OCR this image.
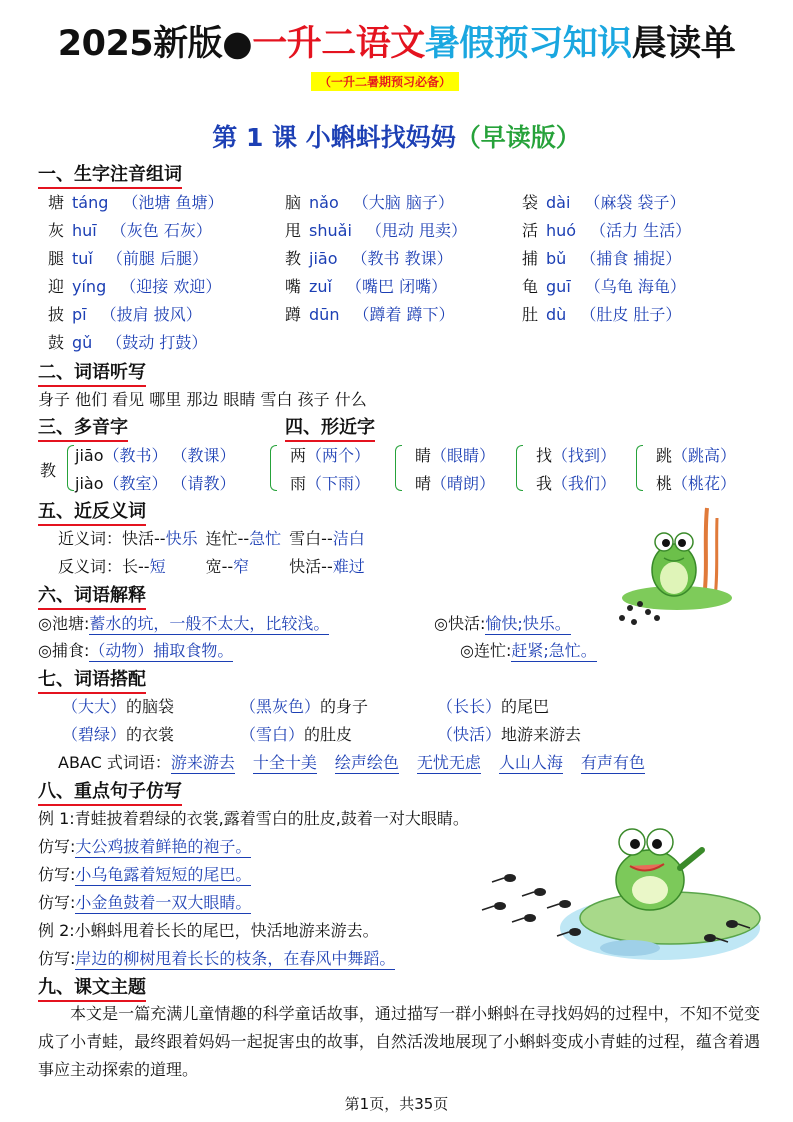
2025新版●一升二语文暑假预习知识晨读单
（一升二暑期预习必备）
第 1 课 小蝌蚪找妈妈（早读版）
一、生字注音组词
塘 táng （池塘 鱼塘）	脑 nǎo （大脑 脑子）	袋 dài （麻袋 袋子）
灰 huī （灰色 石灰）	甩 shuǎi （甩动 甩卖）	活 huó （活力 生活）
腿 tuǐ （前腿 后腿）	教 jiāo （教书 教课）	捕 bǔ （捕食 捕捉）
迎 yíng （迎接 欢迎）	嘴 zuǐ （嘴巴 闭嘴）	龟 guī （乌龟 海龟）
披 pī （披肩 披风）	蹲 dūn （蹲着 蹲下）	肚 dù （肚皮 肚子）
鼓 gǔ （鼓动 打鼓）
二、词语听写
身子 他们 看见 哪里 那边 眼睛 雪白 孩子 什么
三、多音字	四、形近字
教
jiāo（教书） （教课）
jiào（教室） （请教）
两（两个）
雨（下雨）
睛（眼睛）
晴（晴朗）
找（找到）
我（我们）
跳（跳高）
桃（桃花）
五、近反义词
近义词：快活--快乐 连忙--急忙 雪白--洁白
反义词：长--短	宽--窄	快活--难过
六、词语解释
◎池塘:蓄水的坑，一般不太大，比较浅。	◎快活:愉快;快乐。
◎捕食:（动物）捕取食物。	◎连忙:赶紧;急忙。
七、词语搭配
（大大）的脑袋	（黑灰色）的身子	（长长）的尾巴
（碧绿）的衣裳	（雪白）的肚皮	（快活）地游来游去
ABAC 式词语：游来游去 十全十美 绘声绘色 无忧无虑 人山人海 有声有色
八、重点句子仿写
例 1:青蛙披着碧绿的衣裳,露着雪白的肚皮,鼓着一对大眼睛。
仿写:大公鸡披着鲜艳的袍子。
仿写:小乌龟露着短短的尾巴。
仿写:小金鱼鼓着一双大眼睛。
例 2:小蝌蚪甩着长长的尾巴，快活地游来游去。
仿写:岸边的柳树甩着长长的枝条，在春风中舞蹈。
九、课文主题
本文是一篇充满儿童情趣的科学童话故事，通过描写一群小蝌蚪在寻找妈妈的过程中，不知不觉变成了小青蛙，最终跟着妈妈一起捉害虫的故事，自然活泼地展现了小蝌蚪变成小青蛙的过程，蕴含着遇事应主动探索的道理。
第1页，共35页
